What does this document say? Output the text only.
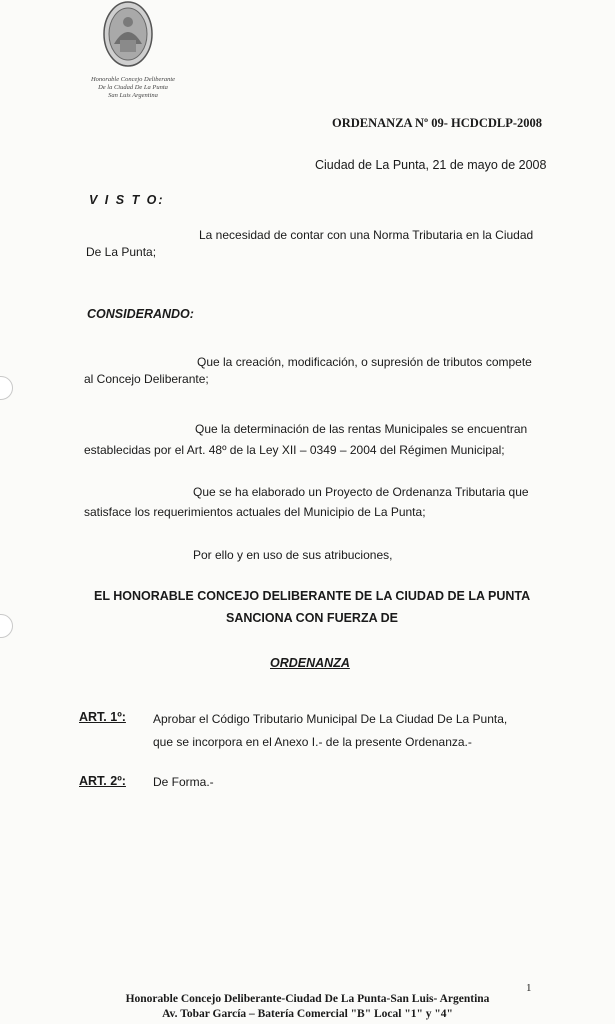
Honorable Concejo Deliberante
De la Ciudad De La Punta
San Luis Argentina
ORDENANZA Nº 09- HCDCDLP-2008
Ciudad de La Punta, 21 de mayo de 2008
V I S T O:
La necesidad de contar con una Norma Tributaria en la Ciudad
De La Punta;
CONSIDERANDO:
Que la creación, modificación, o supresión de tributos compete
al Concejo Deliberante;
Que la determinación de las rentas Municipales se encuentran
establecidas por el Art. 48º de la Ley XII – 0349 – 2004 del Régimen Municipal;
Que se ha elaborado un Proyecto de Ordenanza Tributaria que
satisface los requerimientos actuales del Municipio de La Punta;
Por ello y en uso de sus atribuciones,
EL HONORABLE CONCEJO DELIBERANTE DE LA CIUDAD DE LA PUNTA
SANCIONA CON FUERZA DE
ORDENANZA
ART. 1º: Aprobar el Código Tributario Municipal De La Ciudad De La Punta,
que se incorpora en el Anexo I.- de la presente Ordenanza.-
ART. 2º: De Forma.-
1
Honorable Concejo Deliberante-Ciudad De La Punta-San Luis- Argentina
Av. Tobar García – Batería Comercial "B" Local "1" y "4"
